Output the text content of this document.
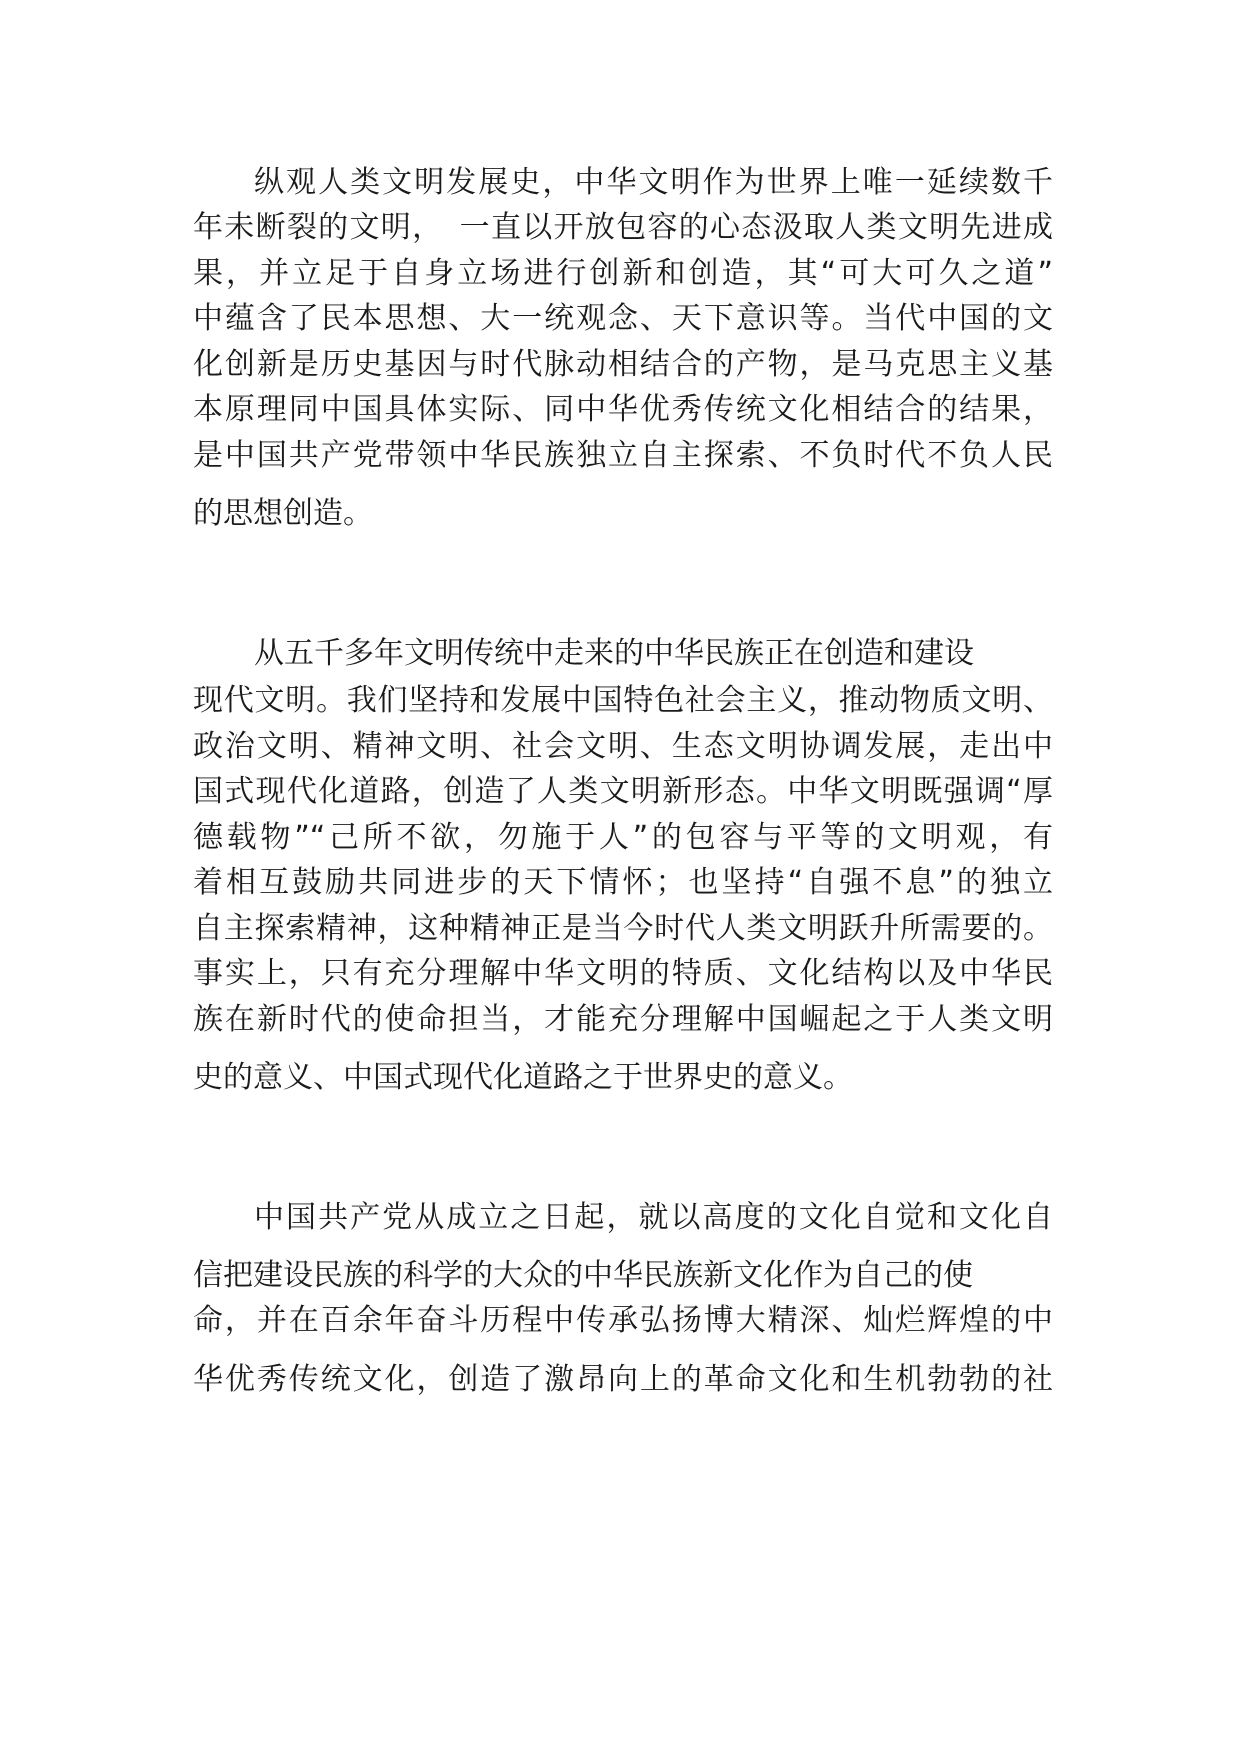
纵观人类文明发展史，中华文明作为世界上唯一延续数千
年未断裂的文明，　一直以开放包容的心态汲取人类文明先进成
果，并立足于自身立场进行创新和创造，其“可大可久之道”
中蕴含了民本思想、大一统观念、天下意识等。当代中国的文
化创新是历史基因与时代脉动相结合的产物，是马克思主义基
本原理同中国具体实际、同中华优秀传统文化相结合的结果，
是中国共产党带领中华民族独立自主探索、不负时代不负人民
的思想创造。
从五千多年文明传统中走来的中华民族正在创造和建设
现代文明。我们坚持和发展中国特色社会主义，推动物质文明、
政治文明、精神文明、社会文明、生态文明协调发展，走出中
国式现代化道路，创造了人类文明新形态。中华文明既强调“厚
德载物”“己所不欲，勿施于人”的包容与平等的文明观，有
着相互鼓励共同进步的天下情怀；也坚持“自强不息”的独立
自主探索精神，这种精神正是当今时代人类文明跃升所需要的。
事实上，只有充分理解中华文明的特质、文化结构以及中华民
族在新时代的使命担当，才能充分理解中国崛起之于人类文明
史的意义、中国式现代化道路之于世界史的意义。
中国共产党从成立之日起，就以高度的文化自觉和文化自
信把建设民族的科学的大众的中华民族新文化作为自己的使
命，并在百余年奋斗历程中传承弘扬博大精深、灿烂辉煌的中
华优秀传统文化，创造了激昂向上的革命文化和生机勃勃的社
